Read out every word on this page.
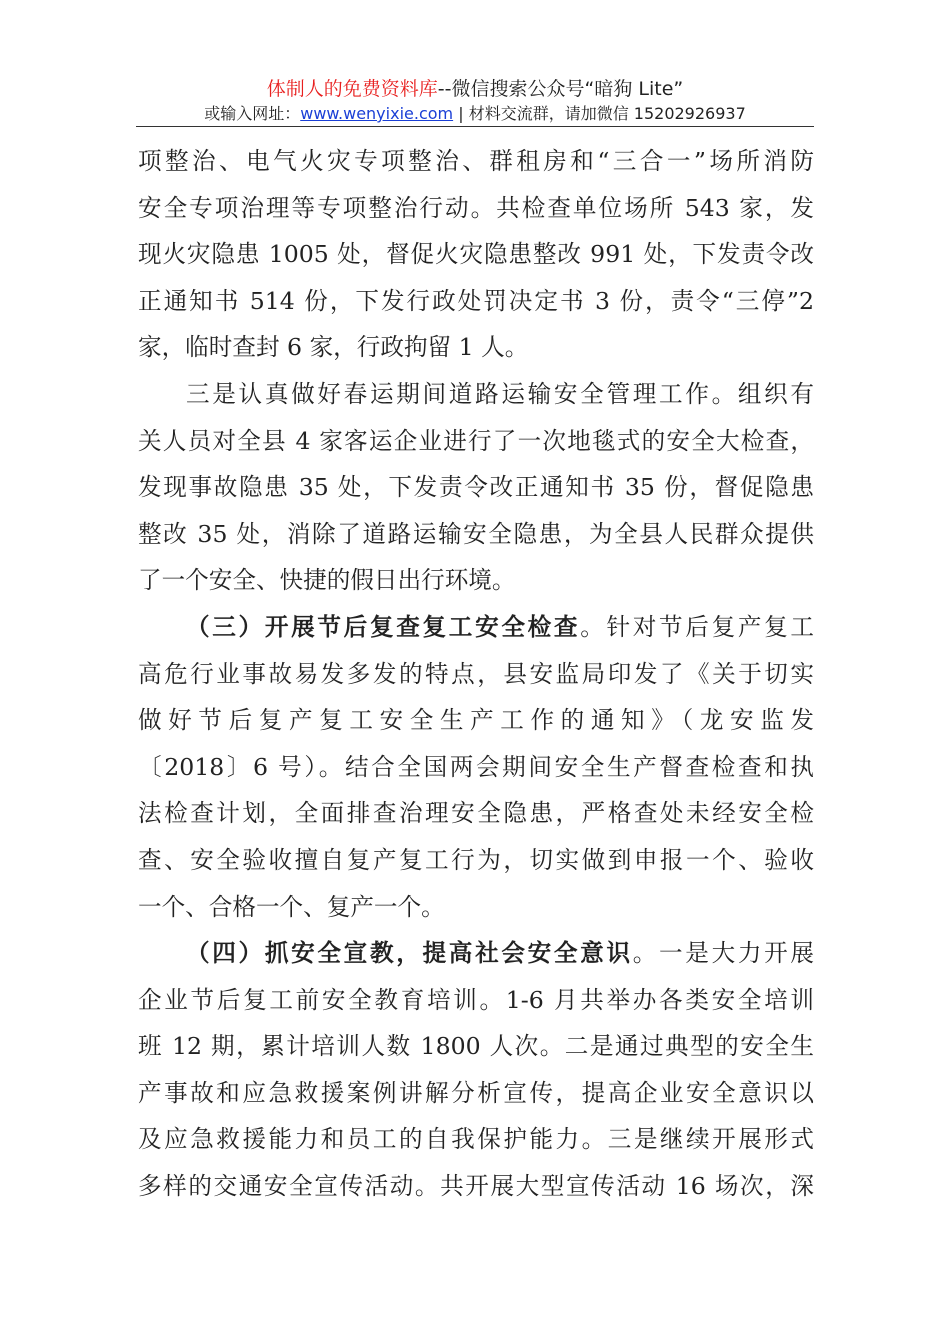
体制人的免费资料库--微信搜索公众号“暗狗 Lite”
或输入网址：www.wenyixie.com | 材料交流群，请加微信 15202926937
项整治、电气火灾专项整治、群租房和“三合一”场所消防
安全专项治理等专项整治行动。共检查单位场所 543 家，发
现火灾隐患 1005 处，督促火灾隐患整改 991 处，下发责令改
正通知书 514 份，下发行政处罚决定书 3 份，责令“三停”2
家，临时查封 6 家，行政拘留 1 人。
三是认真做好春运期间道路运输安全管理工作。组织有
关人员对全县 4 家客运企业进行了一次地毯式的安全大检查，
发现事故隐患 35 处，下发责令改正通知书 35 份，督促隐患
整改 35 处，消除了道路运输安全隐患，为全县人民群众提供
了一个安全、快捷的假日出行环境。
（三）开展节后复查复工安全检查。针对节后复产复工
高危行业事故易发多发的特点，县安监局印发了《关于切实
做好节后复产复工安全生产工作的通知》（龙安监发
〔2018〕6 号）。结合全国两会期间安全生产督查检查和执
法检查计划，全面排查治理安全隐患，严格查处未经安全检
查、安全验收擅自复产复工行为，切实做到申报一个、验收
一个、合格一个、复产一个。
（四）抓安全宣教，提高社会安全意识。一是大力开展
企业节后复工前安全教育培训。1-6 月共举办各类安全培训
班 12 期，累计培训人数 1800 人次。二是通过典型的安全生
产事故和应急救援案例讲解分析宣传，提高企业安全意识以
及应急救援能力和员工的自我保护能力。三是继续开展形式
多样的交通安全宣传活动。共开展大型宣传活动 16 场次，深
